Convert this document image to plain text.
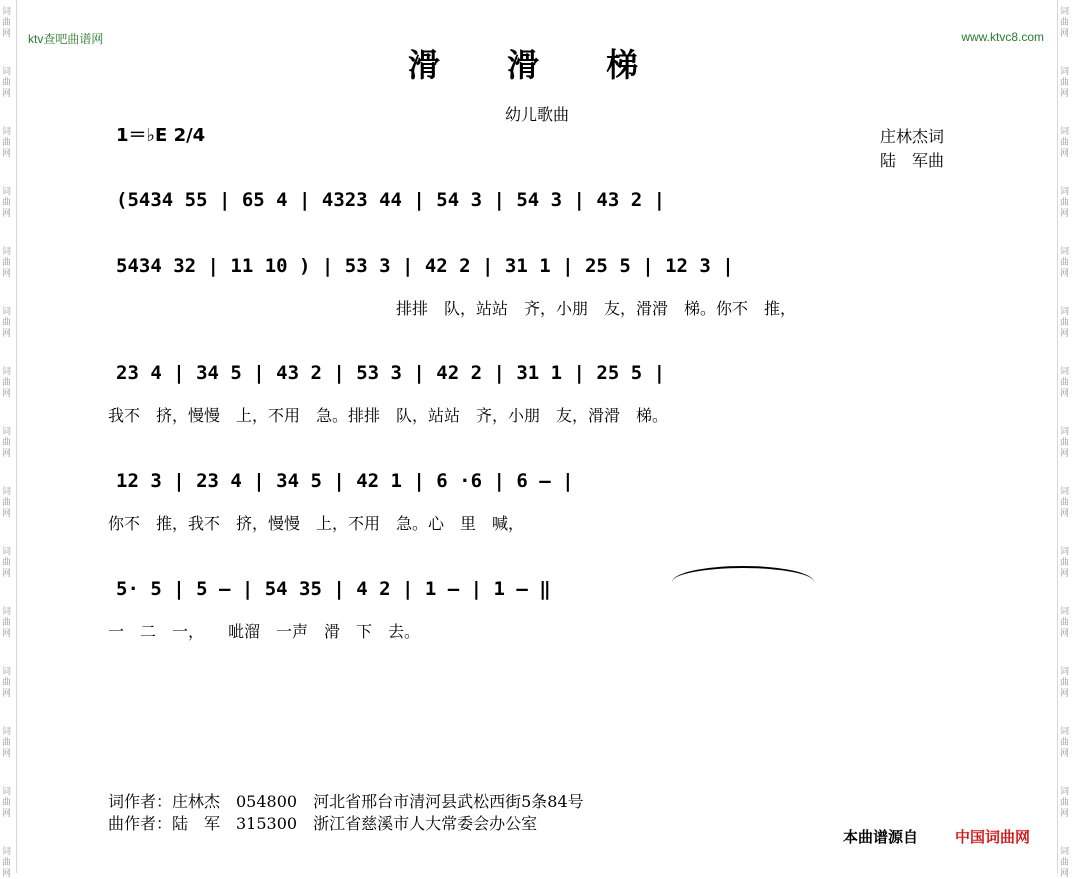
词
曲
网
词
曲
网
词
曲
网
词
曲
网
词
曲
网
词
曲
网
词
曲
网
词
曲
网
词
曲
网
词
曲
网
词
曲
网
词
曲
网
词
曲
网
词
曲
网
词
曲
网
词
曲
网
词
曲
网
词
曲
网
词
曲
网
词
曲
网
词
曲
网
词
曲
网
词
曲
网
词
曲
网
词
曲
网
词
曲
网
词
曲
网
词
曲
网
词
曲
网
词
曲
网
ktv查吧曲谱网	www.ktvc8.com
滑 滑 梯
幼儿歌曲
1＝♭E 2/4	庄林杰词
陆　军曲
(5434 55 | 65 4 | 4323 44 | 54 3 | 54 3 | 43 2 |
5434 32 | 11 10 ) | 53 3 | 42 2 | 31 1 | 25 5 | 12 3 |
排排　队，站站　齐，小朋　友，滑滑　梯。你不　推，
23 4 | 34 5 | 43 2 | 53 3 | 42 2 | 31 1 | 25 5 |
我不　挤，慢慢　上，不用　急。排排　队，站站　齐，小朋　友，滑滑　梯。
12 3 | 23 4 | 34 5 | 42 1 | 6 ·6 | 6 — |
你不　推，我不　挤，慢慢　上，不用　急。心　里　喊，
5· 5 | 5 — | 54 35 | 4 2 | 1 — | 1 — ‖
一　二　一，　　呲溜　一声　滑　下　去。
词作者：庄林杰　054800　河北省邢台市清河县武松西街5条84号
曲作者：陆　军　315300　浙江省慈溪市人大常委会办公室
本曲谱源自 中国词曲网
